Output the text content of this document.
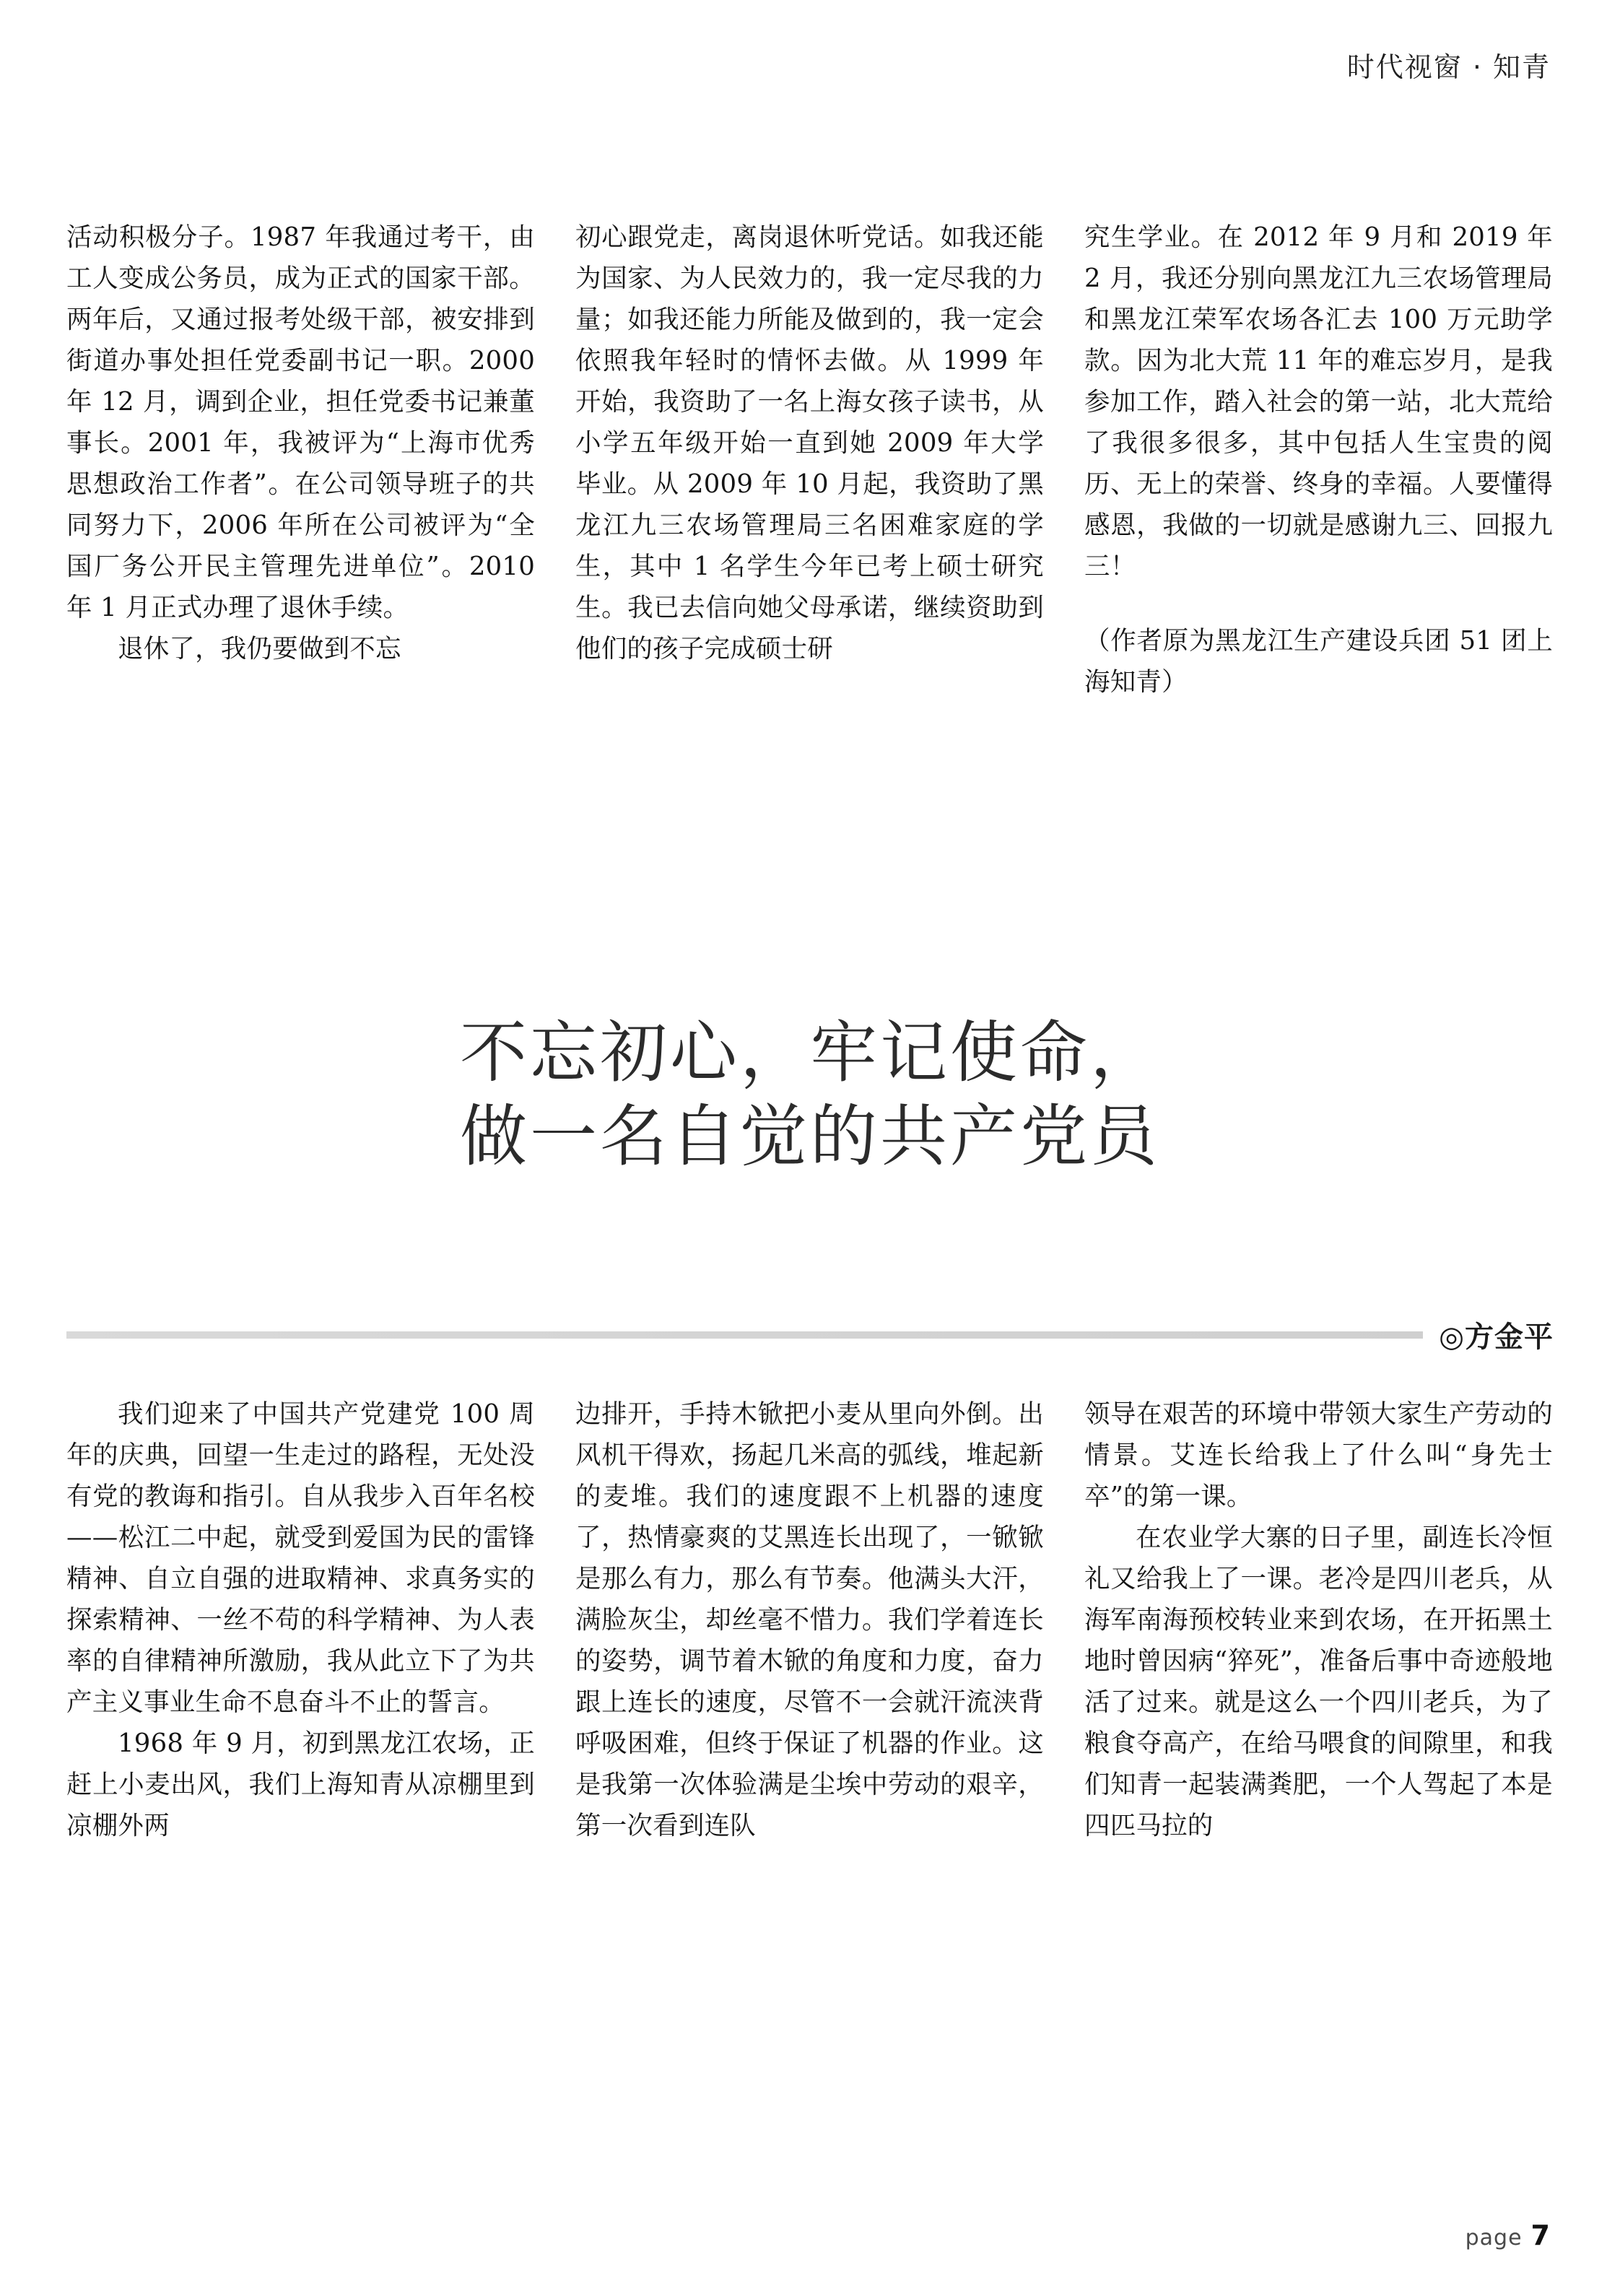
时代视窗 · 知青

活动积极分子。1987 年我通过考干，由工人变成公务员，成为正式的国家干部。两年后，又通过报考处级干部，被安排到街道办事处担任党委副书记一职。2000 年 12 月，调到企业，担任党委书记兼董事长。2001 年，我被评为“上海市优秀思想政治工作者”。在公司领导班子的共同努力下，2006 年所在公司被评为“全国厂务公开民主管理先进单位”。2010 年 1 月正式办理了退休手续。

退休了，我仍要做到不忘

初心跟党走，离岗退休听党话。如我还能为国家、为人民效力的，我一定尽我的力量；如我还能力所能及做到的，我一定会依照我年轻时的情怀去做。从 1999 年开始，我资助了一名上海女孩子读书，从小学五年级开始一直到她 2009 年大学毕业。从 2009 年 10 月起，我资助了黑龙江九三农场管理局三名困难家庭的学生，其中 1 名学生今年已考上硕士研究生。我已去信向她父母承诺，继续资助到他们的孩子完成硕士研

究生学业。在 2012 年 9 月和 2019 年 2 月，我还分别向黑龙江九三农场管理局和黑龙江荣军农场各汇去 100 万元助学款。因为北大荒 11 年的难忘岁月，是我参加工作，踏入社会的第一站，北大荒给了我很多很多，其中包括人生宝贵的阅历、无上的荣誉、终身的幸福。人要懂得感恩，我做的一切就是感谢九三、回报九三！

（作者原为黑龙江生产建设兵团 51 团上海知青）

不忘初心，牢记使命，
做一名自觉的共产党员
◎方金平

我们迎来了中国共产党建党 100 周年的庆典，回望一生走过的路程，无处没有党的教诲和指引。自从我步入百年名校——松江二中起，就受到爱国为民的雷锋精神、自立自强的进取精神、求真务实的探索精神、一丝不苟的科学精神、为人表率的自律精神所激励，我从此立下了为共产主义事业生命不息奋斗不止的誓言。

1968 年 9 月，初到黑龙江农场，正赶上小麦出风，我们上海知青从凉棚里到凉棚外两

边排开，手持木锨把小麦从里向外倒。出风机干得欢，扬起几米高的弧线，堆起新的麦堆。我们的速度跟不上机器的速度了，热情豪爽的艾黑连长出现了，一锨锨是那么有力，那么有节奏。他满头大汗，满脸灰尘，却丝毫不惜力。我们学着连长的姿势，调节着木锨的角度和力度，奋力跟上连长的速度，尽管不一会就汗流浃背呼吸困难，但终于保证了机器的作业。这是我第一次体验满是尘埃中劳动的艰辛，第一次看到连队

领导在艰苦的环境中带领大家生产劳动的情景。艾连长给我上了什么叫“身先士卒”的第一课。

在农业学大寨的日子里，副连长冷恒礼又给我上了一课。老冷是四川老兵，从海军南海预校转业来到农场，在开拓黑土地时曾因病“猝死”，准备后事中奇迹般地活了过来。就是这么一个四川老兵，为了粮食夺高产，在给马喂食的间隙里，和我们知青一起装满粪肥，一个人驾起了本是四匹马拉的

page 7
